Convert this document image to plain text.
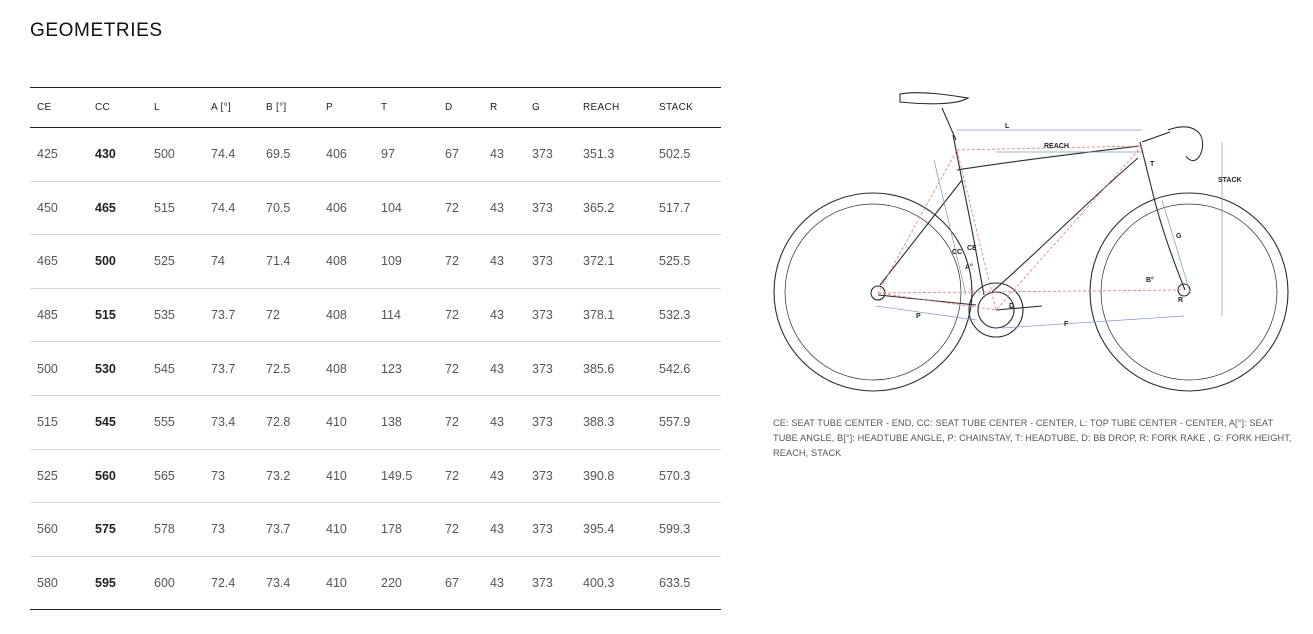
GEOMETRIES
CE	CC	L	A [°]	B [°]	P	T	D	R	G	REACH	STACK
425	430	500	74.4	69.5	406	97	67	43	373	351.3	502.5
450	465	515	74.4	70.5	406	104	72	43	373	365.2	517.7
465	500	525	74	71.4	408	109	72	43	373	372.1	525.5
485	515	535	73.7	72	408	114	72	43	373	378.1	532.3
500	530	545	73.7	72.5	408	123	72	43	373	385.6	542.6
515	545	555	73.4	72.8	410	138	72	43	373	388.3	557.9
525	560	565	73	73.2	410	149.5	72	43	373	390.8	570.3
560	575	578	73	73.7	410	178	72	43	373	395.4	599.3
580	595	600	72.4	73.4	410	220	67	43	373	400.3	633.5
L
REACH
STACK
T
G
CC
CE
A°
B°
D
R
P
F
CE: SEAT TUBE CENTER - END, CC: SEAT TUBE CENTER - CENTER, L: TOP TUBE CENTER - CENTER, A[°]: SEAT TUBE ANGLE, B[°]: HEADTUBE ANGLE, P: CHAINSTAY, T: HEADTUBE, D: BB DROP, R: FORK RAKE , G: FORK HEIGHT, REACH, STACK
